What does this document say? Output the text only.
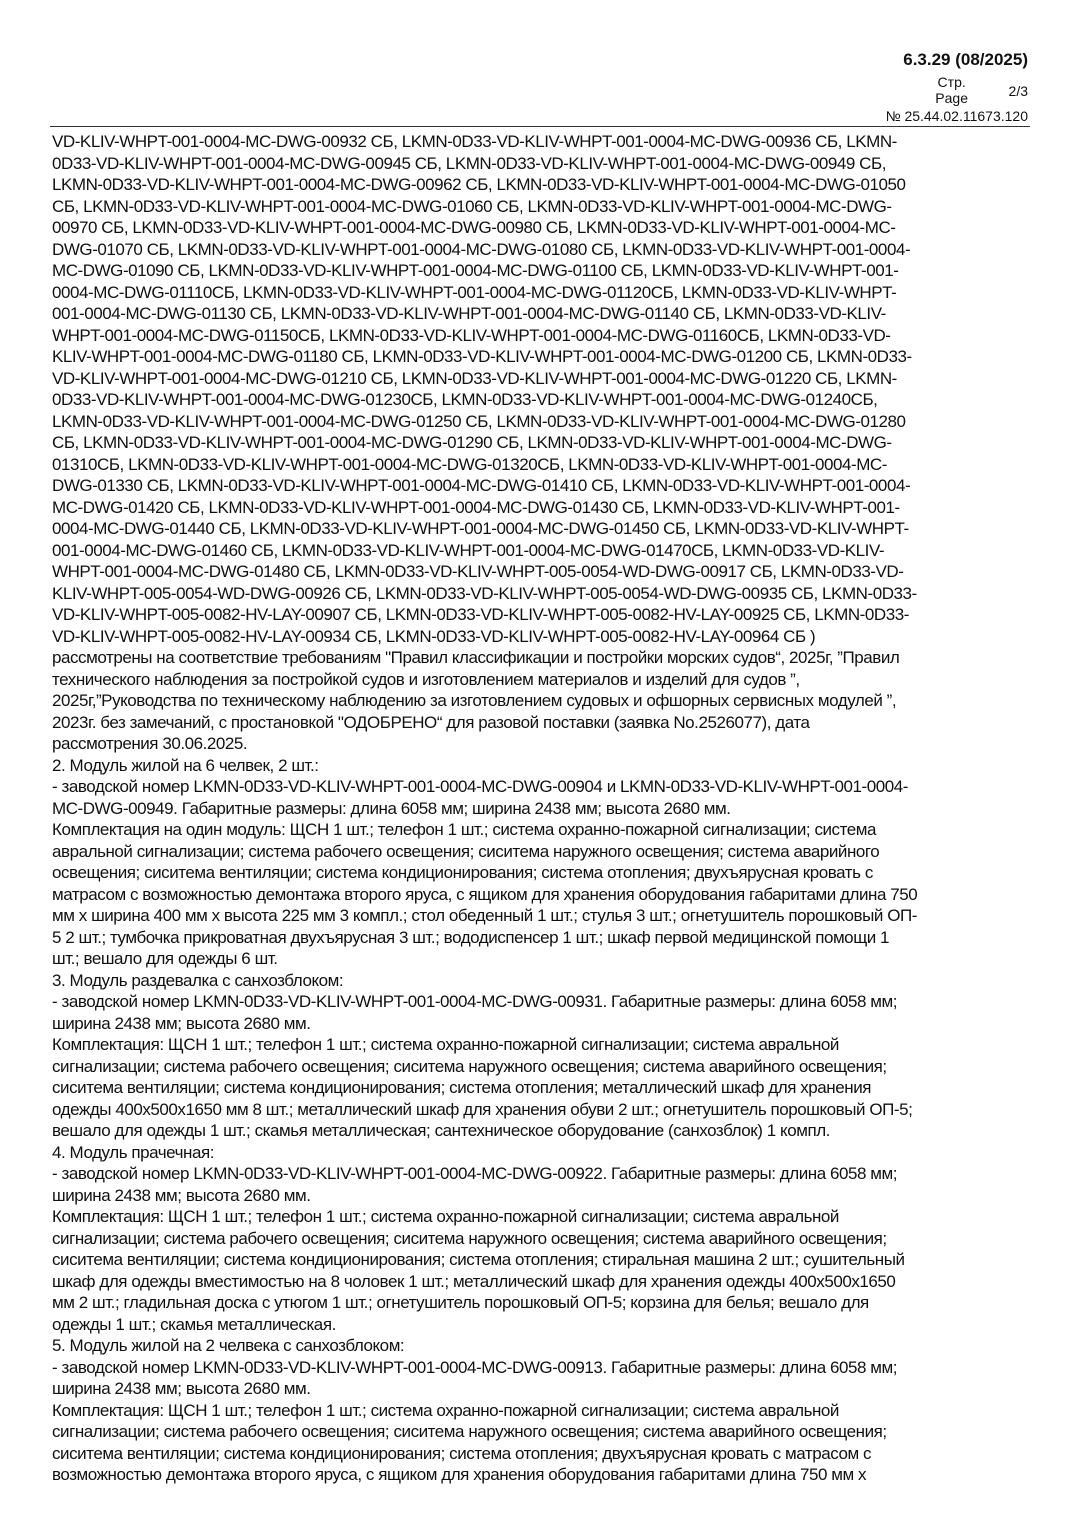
6.3.29 (08/2025)
Стр.
Page	2/3
№ 25.44.02.11673.120
VD-KLIV-WHPT-001-0004-MC-DWG-00932 СБ, LKMN-0D33-VD-KLIV-WHPT-001-0004-MC-DWG-00936 СБ, LKMN-
0D33-VD-KLIV-WHPT-001-0004-MC-DWG-00945 СБ, LKMN-0D33-VD-KLIV-WHPT-001-0004-MC-DWG-00949 СБ,
LKMN-0D33-VD-KLIV-WHPT-001-0004-MC-DWG-00962 СБ, LKMN-0D33-VD-KLIV-WHPT-001-0004-MC-DWG-01050
СБ, LKMN-0D33-VD-KLIV-WHPT-001-0004-MC-DWG-01060 СБ, LKMN-0D33-VD-KLIV-WHPT-001-0004-MC-DWG-
00970 СБ, LKMN-0D33-VD-KLIV-WHPT-001-0004-MC-DWG-00980 СБ, LKMN-0D33-VD-KLIV-WHPT-001-0004-MC-
DWG-01070 СБ, LKMN-0D33-VD-KLIV-WHPT-001-0004-MC-DWG-01080 СБ, LKMN-0D33-VD-KLIV-WHPT-001-0004-
MC-DWG-01090 СБ, LKMN-0D33-VD-KLIV-WHPT-001-0004-MC-DWG-01100 СБ, LKMN-0D33-VD-KLIV-WHPT-001-
0004-MC-DWG-01110СБ, LKMN-0D33-VD-KLIV-WHPT-001-0004-MC-DWG-01120СБ, LKMN-0D33-VD-KLIV-WHPT-
001-0004-MC-DWG-01130 СБ, LKMN-0D33-VD-KLIV-WHPT-001-0004-MC-DWG-01140 СБ, LKMN-0D33-VD-KLIV-
WHPT-001-0004-MC-DWG-01150СБ, LKMN-0D33-VD-KLIV-WHPT-001-0004-MC-DWG-01160СБ, LKMN-0D33-VD-
KLIV-WHPT-001-0004-MC-DWG-01180 СБ, LKMN-0D33-VD-KLIV-WHPT-001-0004-MC-DWG-01200 СБ, LKMN-0D33-
VD-KLIV-WHPT-001-0004-MC-DWG-01210 СБ, LKMN-0D33-VD-KLIV-WHPT-001-0004-MC-DWG-01220 СБ, LKMN-
0D33-VD-KLIV-WHPT-001-0004-MC-DWG-01230СБ, LKMN-0D33-VD-KLIV-WHPT-001-0004-MC-DWG-01240СБ,
LKMN-0D33-VD-KLIV-WHPT-001-0004-MC-DWG-01250 СБ, LKMN-0D33-VD-KLIV-WHPT-001-0004-MC-DWG-01280
СБ, LKMN-0D33-VD-KLIV-WHPT-001-0004-MC-DWG-01290 СБ, LKMN-0D33-VD-KLIV-WHPT-001-0004-MC-DWG-
01310СБ, LKMN-0D33-VD-KLIV-WHPT-001-0004-MC-DWG-01320СБ, LKMN-0D33-VD-KLIV-WHPT-001-0004-MC-
DWG-01330 СБ, LKMN-0D33-VD-KLIV-WHPT-001-0004-MC-DWG-01410 СБ, LKMN-0D33-VD-KLIV-WHPT-001-0004-
MC-DWG-01420 СБ, LKMN-0D33-VD-KLIV-WHPT-001-0004-MC-DWG-01430 СБ, LKMN-0D33-VD-KLIV-WHPT-001-
0004-MC-DWG-01440 СБ, LKMN-0D33-VD-KLIV-WHPT-001-0004-MC-DWG-01450 СБ, LKMN-0D33-VD-KLIV-WHPT-
001-0004-MC-DWG-01460 СБ, LKMN-0D33-VD-KLIV-WHPT-001-0004-MC-DWG-01470СБ, LKMN-0D33-VD-KLIV-
WHPT-001-0004-MC-DWG-01480 СБ, LKMN-0D33-VD-KLIV-WHPT-005-0054-WD-DWG-00917 СБ, LKMN-0D33-VD-
KLIV-WHPT-005-0054-WD-DWG-00926 СБ, LKMN-0D33-VD-KLIV-WHPT-005-0054-WD-DWG-00935 СБ, LKMN-0D33-
VD-KLIV-WHPT-005-0082-HV-LAY-00907 СБ, LKMN-0D33-VD-KLIV-WHPT-005-0082-HV-LAY-00925 СБ, LKMN-0D33-
VD-KLIV-WHPT-005-0082-HV-LAY-00934 СБ, LKMN-0D33-VD-KLIV-WHPT-005-0082-HV-LAY-00964 СБ )
рассмотрены на соответствие требованиям "Правил классификации и постройки морских судов“, 2025г, ”Правил
технического наблюдения за постройкой судов и изготовлением материалов и изделий для судов ”,
2025г,”Руководства по техническому наблюдению за изготовлением судовых и офшорных сервисных модулей ”,
2023г. без замечаний, с простановкой "ОДОБРЕНО“ для разовой поставки (заявка No.2526077), дата
рассмотрения 30.06.2025.
2. Модуль жилой на 6 челвек, 2 шт.:
- заводской номер LKMN-0D33-VD-KLIV-WHPT-001-0004-MC-DWG-00904 и LKMN-0D33-VD-KLIV-WHPT-001-0004-
MC-DWG-00949. Габаритные размеры: длина 6058 мм; ширина 2438 мм; высота 2680 мм.
Комплектация на один модуль: ЩСН 1 шт.; телефон 1 шт.; система охранно-пожарной сигнализации; система
авральной сигнализации; система рабочего освещения; сиситема наружного освещения; система аварийного
освещения; сиситема вентиляции; система кондиционирования; система отопления; двухъярусная кровать с
матрасом с возможностью демонтажа второго яруса, с ящиком для хранения оборудования габаритами длина 750
мм х ширина 400 мм х высота 225 мм 3 компл.; стол обеденный 1 шт.; стулья 3 шт.; огнетушитель порошковый ОП-
5 2 шт.; тумбочка прикроватная двухъярусная 3 шт.; вододиспенсер 1 шт.; шкаф первой медицинской помощи 1
шт.; вешало для одежды 6 шт.
3. Модуль раздевалка с санхозблоком:
- заводской номер LKMN-0D33-VD-KLIV-WHPT-001-0004-MC-DWG-00931. Габаритные размеры: длина 6058 мм;
ширина 2438 мм; высота 2680 мм.
Комплектация: ЩСН 1 шт.; телефон 1 шт.; система охранно-пожарной сигнализации; система авральной
сигнализации; система рабочего освещения; сиситема наружного освещения; система аварийного освещения;
сиситема вентиляции; система кондиционирования; система отопления; металлический шкаф для хранения
одежды 400x500x1650 мм 8 шт.; металлический шкаф для хранения обуви 2 шт.; огнетушитель порошковый ОП-5;
вешало для одежды 1 шт.; скамья металлическая; сантехническое оборудование (санхозблок) 1 компл.
4. Модуль прачечная:
- заводской номер LKMN-0D33-VD-KLIV-WHPT-001-0004-MC-DWG-00922. Габаритные размеры: длина 6058 мм;
ширина 2438 мм; высота 2680 мм.
Комплектация: ЩСН 1 шт.; телефон 1 шт.; система охранно-пожарной сигнализации; система авральной
сигнализации; система рабочего освещения; сиситема наружного освещения; система аварийного освещения;
сиситема вентиляции; система кондиционирования; система отопления; стиральная машина 2 шт.; сушительный
шкаф для одежды вместимостью на 8 чоловек 1 шт.; металлический шкаф для хранения одежды 400x500x1650
мм 2 шт.; гладильная доска с утюгом 1 шт.; огнетушитель порошковый ОП-5; корзина для белья; вешало для
одежды 1 шт.; скамья металлическая.
5. Модуль жилой на 2 челвека с санхозблоком:
- заводской номер LKMN-0D33-VD-KLIV-WHPT-001-0004-MC-DWG-00913. Габаритные размеры: длина 6058 мм;
ширина 2438 мм; высота 2680 мм.
Комплектация: ЩСН 1 шт.; телефон 1 шт.; система охранно-пожарной сигнализации; система авральной
сигнализации; система рабочего освещения; сиситема наружного освещения; система аварийного освещения;
сиситема вентиляции; система кондиционирования; система отопления; двухъярусная кровать с матрасом с
возможностью демонтажа второго яруса, с ящиком для хранения оборудования габаритами длина 750 мм х
